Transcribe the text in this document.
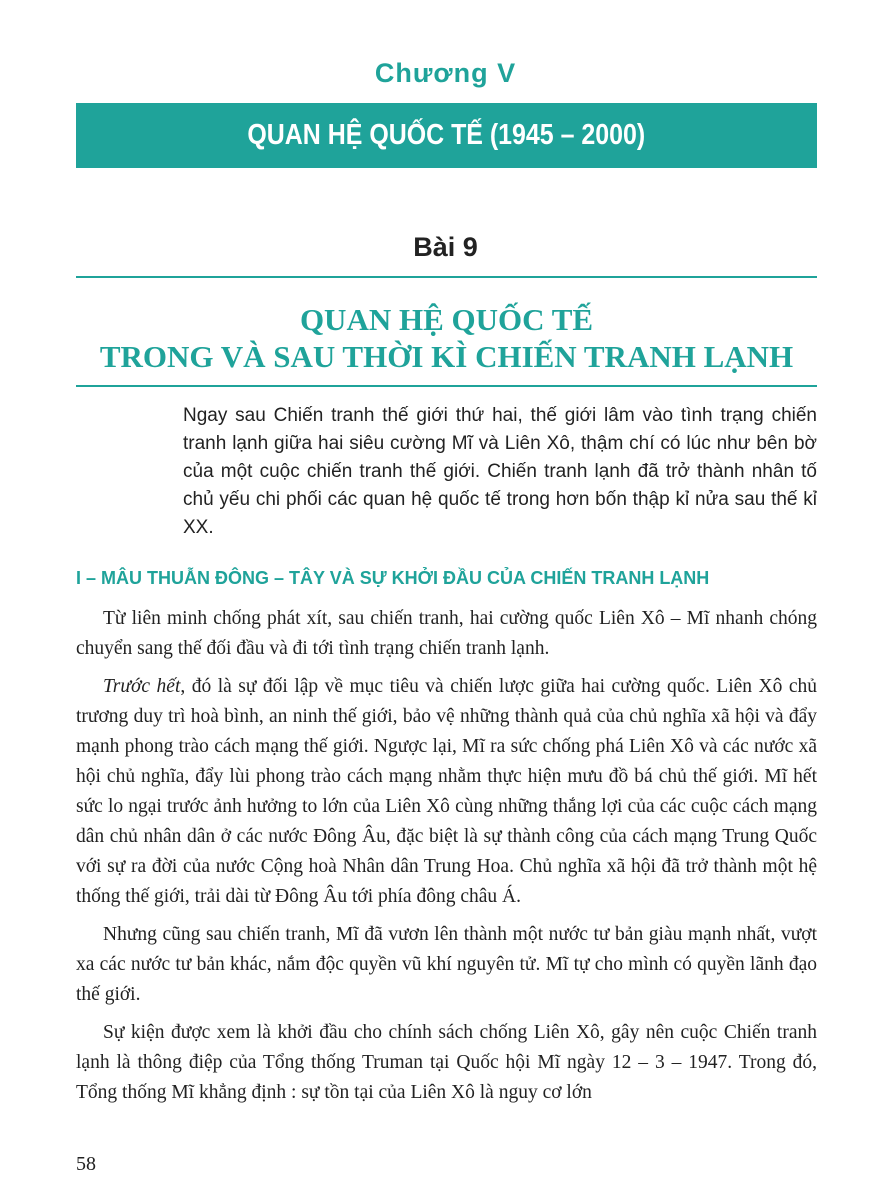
Chương V
QUAN HỆ QUỐC TẾ (1945 – 2000)
Bài 9
QUAN HỆ QUỐC TẾ
TRONG VÀ SAU THỜI KÌ CHIẾN TRANH LẠNH
Ngay sau Chiến tranh thế giới thứ hai, thế giới lâm vào tình trạng chiến tranh lạnh giữa hai siêu cường Mĩ và Liên Xô, thậm chí có lúc như bên bờ của một cuộc chiến tranh thế giới. Chiến tranh lạnh đã trở thành nhân tố chủ yếu chi phối các quan hệ quốc tế trong hơn bốn thập kỉ nửa sau thế kỉ XX.
I – MÂU THUẪN ĐÔNG – TÂY VÀ SỰ KHỞI ĐẦU CỦA CHIẾN TRANH LẠNH

Từ liên minh chống phát xít, sau chiến tranh, hai cường quốc Liên Xô – Mĩ nhanh chóng chuyển sang thế đối đầu và đi tới tình trạng chiến tranh lạnh.

Trước hết, đó là sự đối lập về mục tiêu và chiến lược giữa hai cường quốc. Liên Xô chủ trương duy trì hoà bình, an ninh thế giới, bảo vệ những thành quả của chủ nghĩa xã hội và đẩy mạnh phong trào cách mạng thế giới. Ngược lại, Mĩ ra sức chống phá Liên Xô và các nước xã hội chủ nghĩa, đẩy lùi phong trào cách mạng nhằm thực hiện mưu đồ bá chủ thế giới. Mĩ hết sức lo ngại trước ảnh hưởng to lớn của Liên Xô cùng những thắng lợi của các cuộc cách mạng dân chủ nhân dân ở các nước Đông Âu, đặc biệt là sự thành công của cách mạng Trung Quốc với sự ra đời của nước Cộng hoà Nhân dân Trung Hoa. Chủ nghĩa xã hội đã trở thành một hệ thống thế giới, trải dài từ Đông Âu tới phía đông châu Á.

Nhưng cũng sau chiến tranh, Mĩ đã vươn lên thành một nước tư bản giàu mạnh nhất, vượt xa các nước tư bản khác, nắm độc quyền vũ khí nguyên tử. Mĩ tự cho mình có quyền lãnh đạo thế giới.

Sự kiện được xem là khởi đầu cho chính sách chống Liên Xô, gây nên cuộc Chiến tranh lạnh là thông điệp của Tổng thống Truman tại Quốc hội Mĩ ngày 12 – 3 – 1947. Trong đó, Tổng thống Mĩ khẳng định : sự tồn tại của Liên Xô là nguy cơ lớn

58
